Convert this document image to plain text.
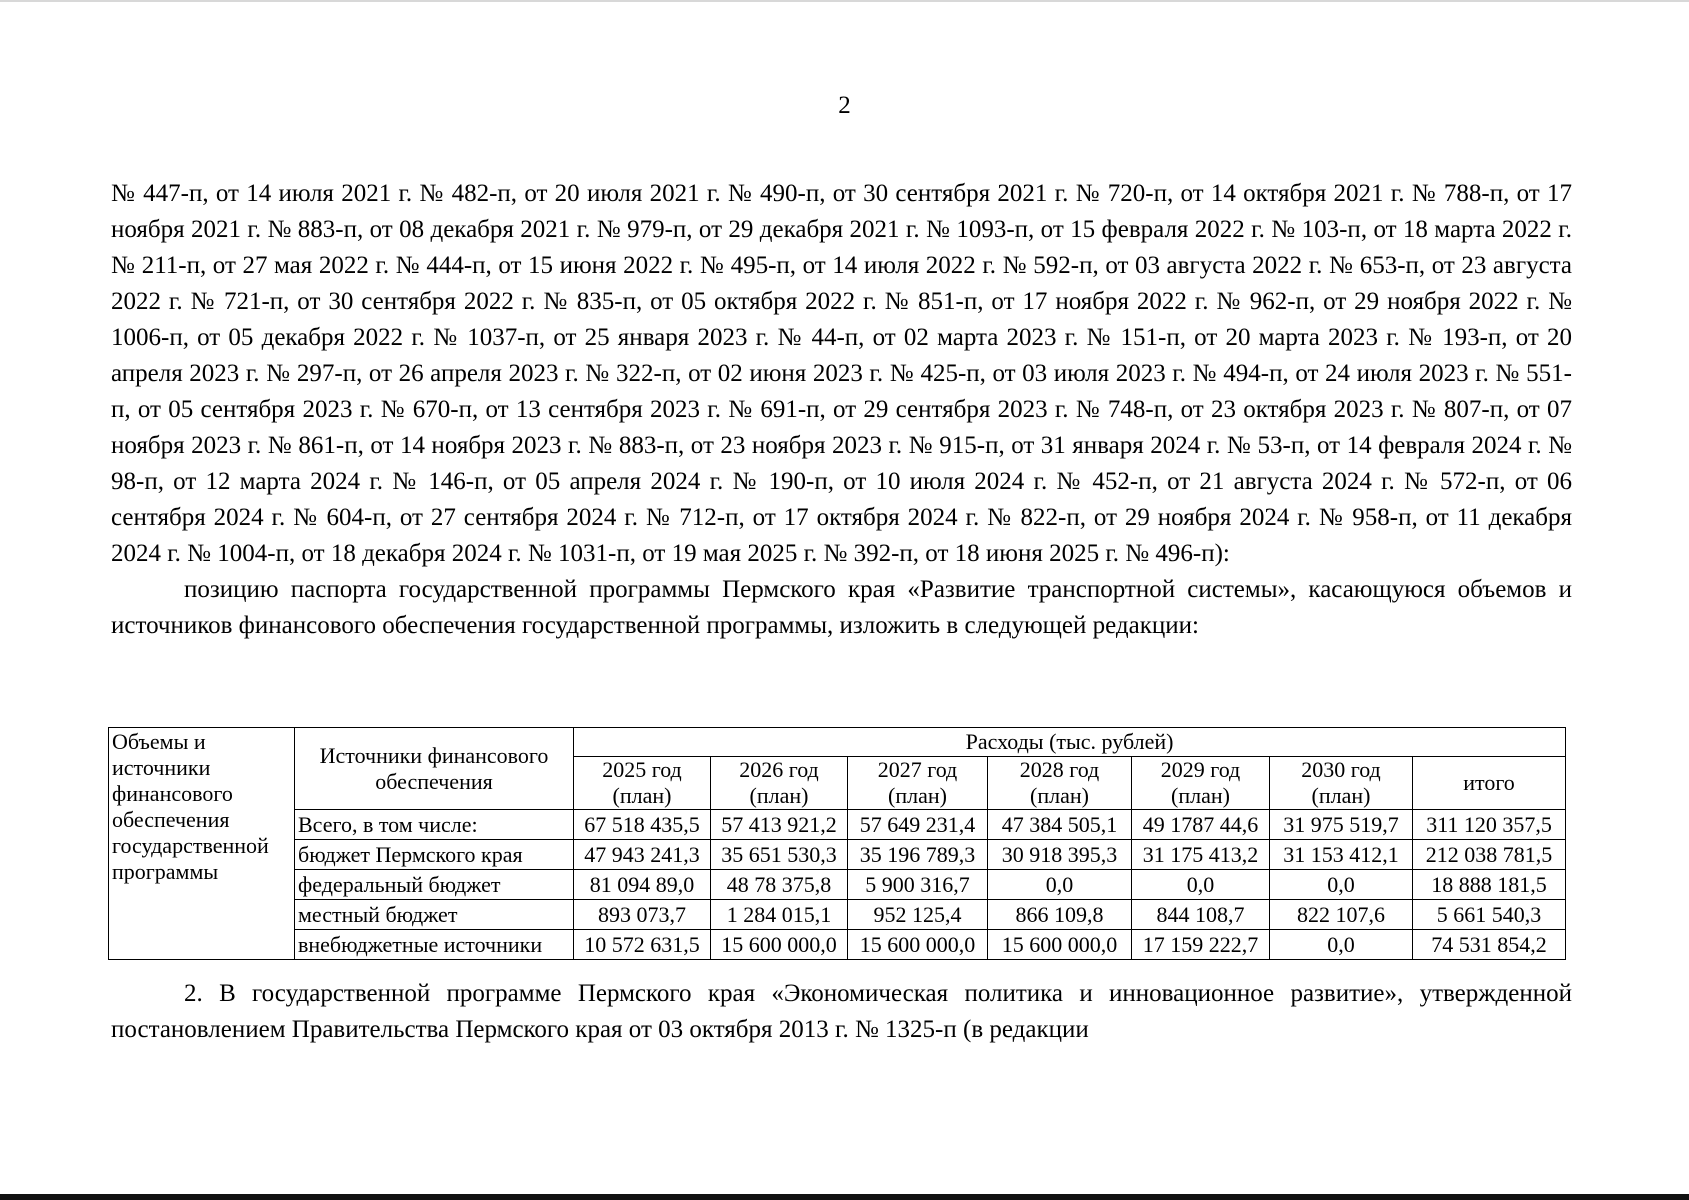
2

№ 447-п, от 14 июля 2021 г. № 482-п, от 20 июля 2021 г. № 490-п, от 30 сентября 2021 г. № 720-п, от 14 октября 2021 г. № 788-п, от 17 ноября 2021 г. № 883-п, от 08 декабря 2021 г. № 979-п, от 29 декабря 2021 г. № 1093-п, от 15 февраля 2022 г. № 103-п, от 18 марта 2022 г. № 211-п, от 27 мая 2022 г. № 444-п, от 15 июня 2022 г. № 495-п, от 14 июля 2022 г. № 592-п, от 03 августа 2022 г. № 653-п, от 23 августа 2022 г. № 721-п, от 30 сентября 2022 г. № 835-п, от 05 октября 2022 г. № 851-п, от 17 ноября 2022 г. № 962-п, от 29 ноября 2022 г. № 1006-п, от 05 декабря 2022 г. № 1037-п, от 25 января 2023 г. № 44-п, от 02 марта 2023 г. № 151-п, от 20 марта 2023 г. № 193-п, от 20 апреля 2023 г. № 297-п, от 26 апреля 2023 г. № 322-п, от 02 июня 2023 г. № 425-п, от 03 июля 2023 г. № 494-п, от 24 июля 2023 г. № 551-п, от 05 сентября 2023 г. № 670-п, от 13 сентября 2023 г. № 691-п, от 29 сентября 2023 г. № 748-п, от 23 октября 2023 г. № 807-п, от 07 ноября 2023 г. № 861-п, от 14 ноября 2023 г. № 883-п, от 23 ноября 2023 г. № 915-п, от 31 января 2024 г. № 53-п, от 14 февраля 2024 г. № 98-п, от 12 марта 2024 г. № 146-п, от 05 апреля 2024 г. № 190-п, от 10 июля 2024 г. № 452-п, от 21 августа 2024 г. № 572-п, от 06 сентября 2024 г. № 604-п, от 27 сентября 2024 г. № 712-п, от 17 октября 2024 г. № 822-п, от 29 ноября 2024 г. № 958-п, от 11 декабря 2024 г. № 1004-п, от 18 декабря 2024 г. № 1031-п, от 19 мая 2025 г. № 392-п, от 18 июня 2025 г. № 496-п):

позицию паспорта государственной программы Пермского края «Развитие транспортной системы», касающуюся объемов и источников финансового обеспечения государственной программы, изложить в следующей редакции:

Объемы и источники финансового обеспечения государственной программы	Источники финансового обеспечения	Расходы (тыс. рублей)						
		2025 год (план)	2026 год (план)	2027 год (план)	2028 год (план)	2029 год (план)	2030 год (план)	итого
	Всего, в том числе:	67 518 435,5	57 413 921,2	57 649 231,4	47 384 505,1	49 1787 44,6	31 975 519,7	311 120 357,5
	бюджет Пермского края	47 943 241,3	35 651 530,3	35 196 789,3	30 918 395,3	31 175 413,2	31 153 412,1	212 038 781,5
	федеральный бюджет	81 094 89,0	48 78 375,8	5 900 316,7	0,0	0,0	0,0	18 888 181,5
	местный бюджет	893 073,7	1 284 015,1	952 125,4	866 109,8	844 108,7	822 107,6	5 661 540,3
	внебюджетные источники	10 572 631,5	15 600 000,0	15 600 000,0	15 600 000,0	17 159 222,7	0,0	74 531 854,2

2. В государственной программе Пермского края «Экономическая политика и инновационное развитие», утвержденной постановлением Правительства Пермского края от 03 октября 2013 г. № 1325-п (в редакции
